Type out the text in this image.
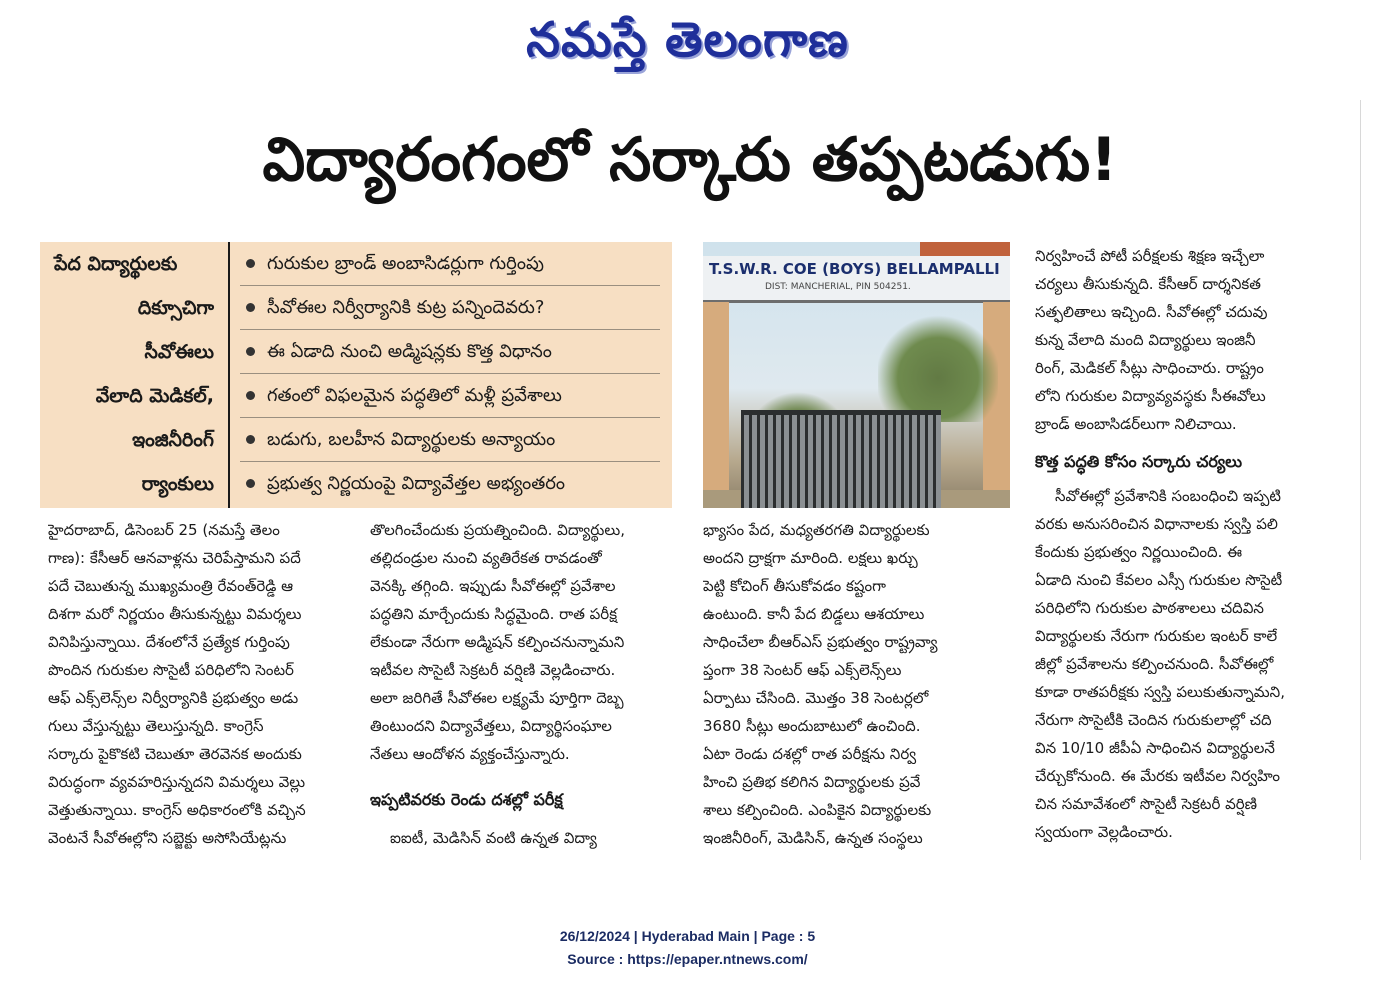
నమస్తే తెలంగాణ
విద్యారంగంలో సర్కారు తప్పటడుగు!
పేద విద్యార్థులకు
దిక్సూచిగా
సీవోఈలు
వేలాది మెడికల్,
ఇంజినీరింగ్
ర్యాంకులు
గురుకుల బ్రాండ్ అంబాసిడర్లుగా గుర్తింపు
సీవోఈల నిర్వీర్యానికి కుట్ర పన్నిందెవరు?
ఈ ఏడాది నుంచి అడ్మిషన్లకు కొత్త విధానం
గతంలో విఫలమైన పద్ధతిలో మళ్లీ ప్రవేశాలు
బడుగు, బలహీన విద్యార్థులకు అన్యాయం
ప్రభుత్వ నిర్ణయంపై విద్యావేత్తల అభ్యంతరం
T.S.W.R. COE (BOYS) BELLAMPALLI
DIST: MANCHERIAL, PIN 504251.
హైదరాబాద్, డిసెంబర్ 25 (నమస్తే తెలం
గాణ): కేసీఆర్ ఆనవాళ్లను చెరిపేస్తామని పదే
పదే చెబుతున్న ముఖ్యమంత్రి రేవంత్‌రెడ్డి ఆ
దిశగా మరో నిర్ణయం తీసుకున్నట్టు విమర్శలు
వినిపిస్తున్నాయి. దేశంలోనే ప్రత్యేక గుర్తింపు
పొందిన గురుకుల సొసైటీ పరిధిలోని సెంటర్
ఆఫ్ ఎక్స్‌లెన్స్‌ల నిర్వీర్యానికి ప్రభుత్వం అడు
గులు వేస్తున్నట్టు తెలుస్తున్నది. కాంగ్రెస్
సర్కారు పైకొకటి చెబుతూ తెరవెనక అందుకు
విరుద్ధంగా వ్యవహరిస్తున్నదని విమర్శలు వెల్లు
వెత్తుతున్నాయి. కాంగ్రెస్ అధికారంలోకి వచ్చిన
వెంటనే సీవోఈల్లోని సబ్జెక్టు అసోసియేట్లను
తొలగించేందుకు ప్రయత్నించింది. విద్యార్థులు,
తల్లిదండ్రుల నుంచి వ్యతిరేకత రావడంతో
వెనక్కి తగ్గింది. ఇప్పుడు సీవోఈల్లో ప్రవేశాల
పద్ధతిని మార్చేందుకు సిద్ధమైంది. రాత పరీక్ష
లేకుండా నేరుగా అడ్మిషన్ కల్పించనున్నామని
ఇటీవల సొసైటీ సెక్రటరీ వర్షిణి వెల్లడించారు.
అలా జరిగితే సీవోఈల లక్ష్యమే పూర్తిగా దెబ్బ
తింటుందని విద్యావేత్తలు, విద్యార్థిసంఘాల
నేతలు ఆందోళన వ్యక్తంచేస్తున్నారు.
ఇప్పటివరకు రెండు దశల్లో పరీక్ష
ఐఐటీ, మెడిసిన్ వంటి ఉన్నత విద్యా
భ్యాసం పేద, మధ్యతరగతి విద్యార్థులకు
అందని ద్రాక్షగా మారింది. లక్షలు ఖర్చు
పెట్టి కోచింగ్ తీసుకోవడం కష్టంగా
ఉంటుంది. కానీ పేద బిడ్డలు ఆశయాలు
సాధించేలా బీఆర్‌ఎస్ ప్రభుత్వం రాష్ట్రవ్యా
ప్తంగా 38 సెంటర్ ఆఫ్ ఎక్స్‌లెన్స్‌లు
ఏర్పాటు చేసింది. మొత్తం 38 సెంటర్లలో
3680 సీట్లు అందుబాటులో ఉంచింది.
ఏటా రెండు దశల్లో రాత పరీక్షను నిర్వ
హించి ప్రతిభ కలిగిన విద్యార్థులకు ప్రవే
శాలు కల్పించింది. ఎంపికైన విద్యార్థులకు
ఇంజినీరింగ్, మెడిసిన్, ఉన్నత సంస్థలు
నిర్వహించే పోటీ పరీక్షలకు శిక్షణ ఇచ్చేలా
చర్యలు తీసుకున్నది. కేసీఆర్ దార్శనికత
సత్ఫలితాలు ఇచ్చింది. సీవోఈల్లో చదువు
కున్న వేలాది మంది విద్యార్థులు ఇంజినీ
రింగ్, మెడికల్ సీట్లు సాధించారు. రాష్ట్రం
లోని గురుకుల విద్యావ్యవస్థకు సీఈవోలు
బ్రాండ్ అంబాసిడర్‌లుగా నిలిచాయి.
కొత్త పద్ధతి కోసం సర్కారు చర్యలు
సీవోఈల్లో ప్రవేశానికి సంబంధించి ఇప్పటి
వరకు అనుసరించిన విధానాలకు స్వస్తి పలి
కేందుకు ప్రభుత్వం నిర్ణయించింది. ఈ
ఏడాది నుంచి కేవలం ఎస్సీ గురుకుల సొసైటీ
పరిధిలోని గురుకుల పాఠశాలలు చదివిన
విద్యార్థులకు నేరుగా గురుకుల ఇంటర్ కాలే
జీల్లో ప్రవేశాలను కల్పించనుంది. సీవోఈల్లో
కూడా రాతపరీక్షకు స్వస్తి పలుకుతున్నామని,
నేరుగా సొసైటీకి చెందిన గురుకులాల్లో చది
విన 10/10 జీపీఏ సాధించిన విద్యార్థులనే
చేర్చుకోనుంది. ఈ మేరకు ఇటీవల నిర్వహిం
చిన సమావేశంలో సొసైటీ సెక్రటరీ వర్షిణి
స్వయంగా వెల్లడించారు.
26/12/2024 | Hyderabad Main | Page : 5
Source : https://epaper.ntnews.com/
